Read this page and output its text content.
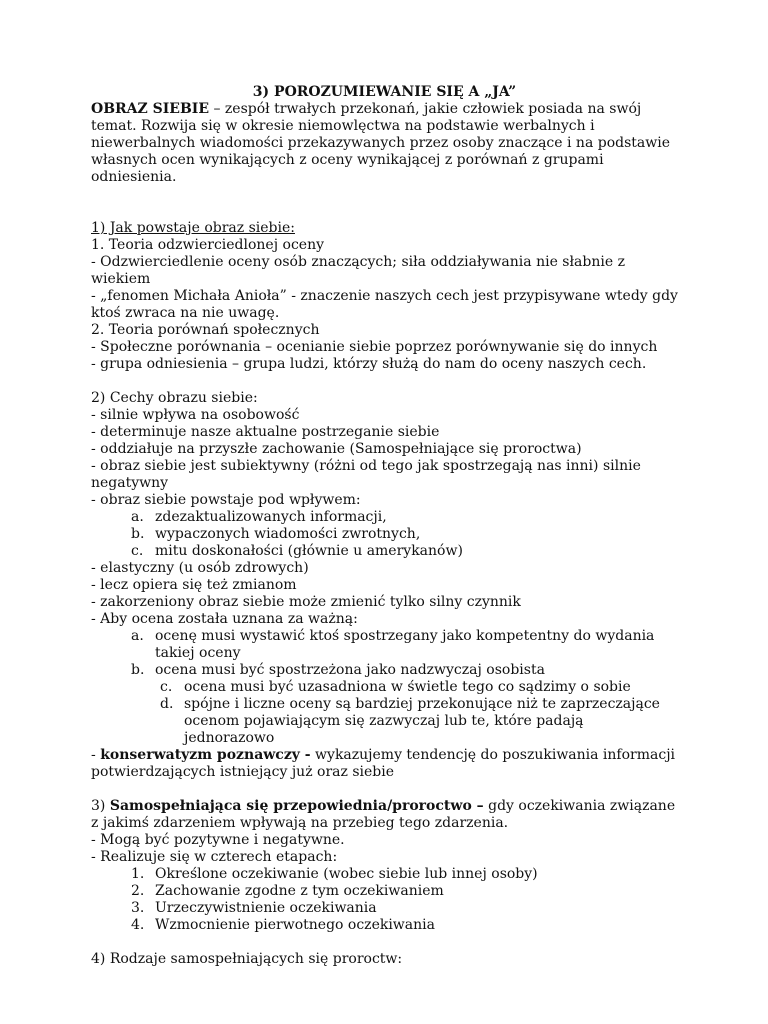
3) POROZUMIEWANIE SIĘ A „JA”

OBRAZ SIEBIE – zespół trwałych przekonań, jakie człowiek posiada na swój temat. Rozwija się w okresie niemowlęctwa na podstawie werbalnych i niewerbalnych wiadomości przekazywanych przez osoby znaczące i na podstawie własnych ocen wynikających z oceny wynikającej z porównań z grupami odniesienia.

1) Jak powstaje obraz siebie:

1. Teoria odzwierciedlonej oceny

- Odzwierciedlenie oceny osób znaczących; siła oddziaływania nie słabnie z wiekiem

- „fenomen Michała Anioła” - znaczenie naszych cech jest przypisywane wtedy gdy ktoś zwraca na nie uwagę.

2. Teoria porównań społecznych

- Społeczne porównania – ocenianie siebie poprzez porównywanie się do innych

- grupa odniesienia – grupa ludzi, którzy służą do nam do oceny naszych cech.

2) Cechy obrazu siebie:

- silnie wpływa na osobowość

- determinuje nasze aktualne postrzeganie siebie

- oddziałuje na przyszłe zachowanie (Samospełniające się proroctwa)

- obraz siebie jest subiektywny (różni od tego jak spostrzegają nas inni) silnie negatywny

- obraz siebie powstaje pod wpływem:

a. zdezaktualizowanych informacji,
b. wypaczonych wiadomości zwrotnych,
c. mitu doskonałości (głównie u amerykanów)

- elastyczny (u osób zdrowych)

- lecz opiera się też zmianom

- zakorzeniony obraz siebie może zmienić tylko silny czynnik

- Aby ocena została uznana za ważną:

a. ocenę musi wystawić ktoś spostrzegany jako kompetentny do wydania takiej oceny
b. ocena musi być spostrzeżona jako nadzwyczaj osobista
c. ocena musi być uzasadniona w świetle tego co sądzimy o sobie
d. spójne i liczne oceny są bardziej przekonujące niż te zaprzeczające ocenom pojawiającym się zazwyczaj lub te, które padają jednorazowo

- konserwatyzm poznawczy - wykazujemy tendencję do poszukiwania informacji potwierdzających istniejący już oraz siebie

3) Samospełniająca się przepowiednia/proroctwo – gdy oczekiwania związane z jakimś zdarzeniem wpływają na przebieg tego zdarzenia.

- Mogą być pozytywne i negatywne.

- Realizuje się w czterech etapach:

1. Określone oczekiwanie (wobec siebie lub innej osoby)
2. Zachowanie zgodne z tym oczekiwaniem
3. Urzeczywistnienie oczekiwania
4. Wzmocnienie pierwotnego oczekiwania

4) Rodzaje samospełniających się proroctw:
